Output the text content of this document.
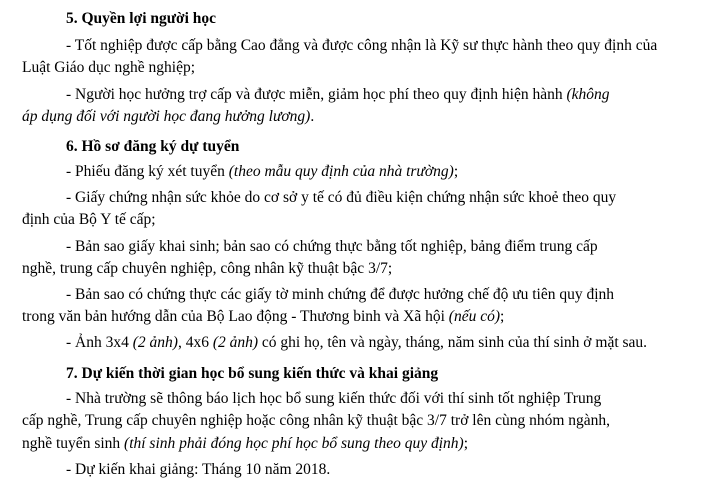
5. Quyền lợi người học
- Tốt nghiệp được cấp bằng Cao đẳng và được công nhận là Kỹ sư thực hành theo quy định của
Luật Giáo dục nghề nghiệp;
- Người học hưởng trợ cấp và được miễn, giảm học phí theo quy định hiện hành (không
áp dụng đối với người học đang hưởng lương).
6. Hồ sơ đăng ký dự tuyển
- Phiếu đăng ký xét tuyển (theo mẫu quy định của nhà trường);
- Giấy chứng nhận sức khỏe do cơ sở y tế có đủ điều kiện chứng nhận sức khoẻ theo quy
định của Bộ Y tế cấp;
- Bản sao giấy khai sinh; bản sao có chứng thực bằng tốt nghiệp, bảng điểm trung cấp
nghề, trung cấp chuyên nghiệp, công nhân kỹ thuật bậc 3/7;
- Bản sao có chứng thực các giấy tờ minh chứng để được hưởng chế độ ưu tiên quy định
trong văn bản hướng dẫn của Bộ Lao động - Thương binh và Xã hội (nếu có);
- Ảnh 3x4 (2 ảnh), 4x6 (2 ảnh) có ghi họ, tên và ngày, tháng, năm sinh của thí sinh ở mặt sau.
7. Dự kiến thời gian học bổ sung kiến thức và khai giảng
- Nhà trường sẽ thông báo lịch học bổ sung kiến thức đối với thí sinh tốt nghiệp Trung
cấp nghề, Trung cấp chuyên nghiệp hoặc công nhân kỹ thuật bậc 3/7 trở lên cùng nhóm ngành,
nghề tuyển sinh (thí sinh phải đóng học phí học bổ sung theo quy định);
- Dự kiến khai giảng: Tháng 10 năm 2018.
